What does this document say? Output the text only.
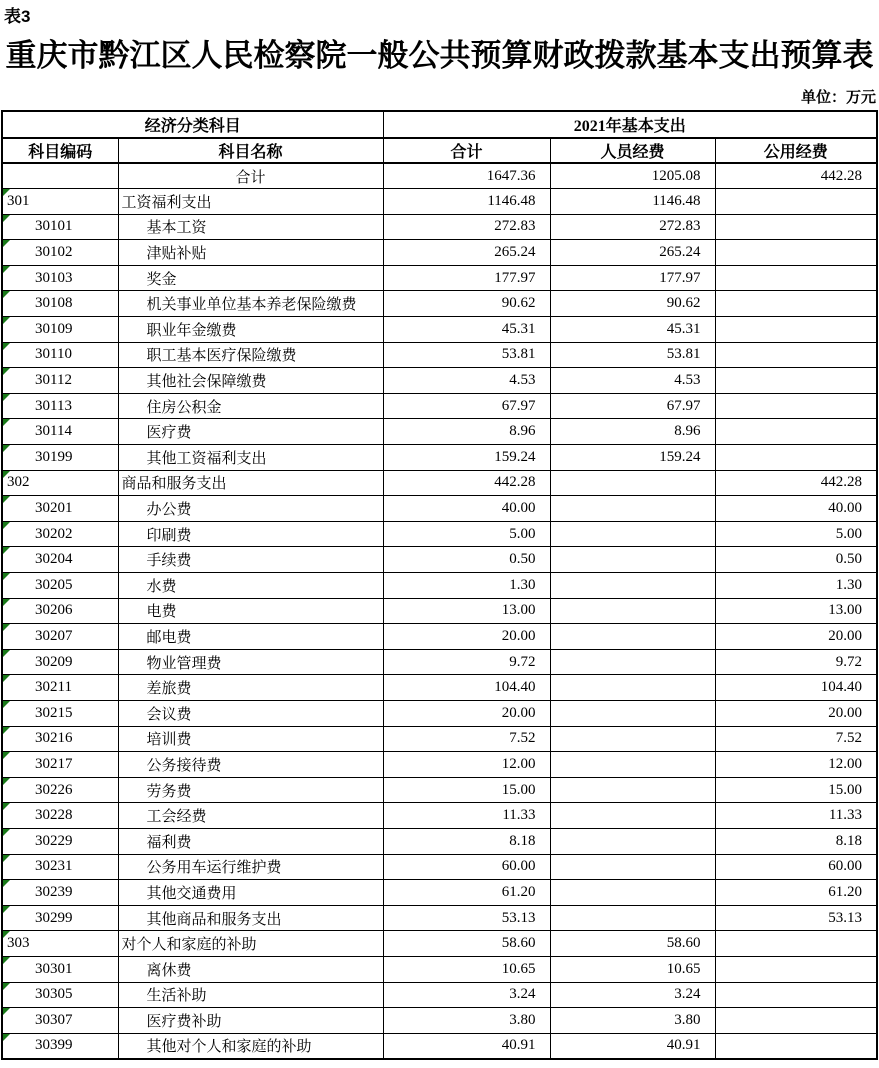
表3
重庆市黔江区人民检察院一般公共预算财政拨款基本支出预算表
单位：万元
经济分类科目		2021年基本支出		
科目编码	科目名称	合计	人员经费	公用经费
	合计	1647.36	1205.08	442.28
301	工资福利支出	1146.48	1146.48	
30101	基本工资	272.83	272.83	
30102	津贴补贴	265.24	265.24	
30103	奖金	177.97	177.97	
30108	机关事业单位基本养老保险缴费	90.62	90.62	
30109	职业年金缴费	45.31	45.31	
30110	职工基本医疗保险缴费	53.81	53.81	
30112	其他社会保障缴费	4.53	4.53	
30113	住房公积金	67.97	67.97	
30114	医疗费	8.96	8.96	
30199	其他工资福利支出	159.24	159.24	
302	商品和服务支出	442.28		442.28
30201	办公费	40.00		40.00
30202	印刷费	5.00		5.00
30204	手续费	0.50		0.50
30205	水费	1.30		1.30
30206	电费	13.00		13.00
30207	邮电费	20.00		20.00
30209	物业管理费	9.72		9.72
30211	差旅费	104.40		104.40
30215	会议费	20.00		20.00
30216	培训费	7.52		7.52
30217	公务接待费	12.00		12.00
30226	劳务费	15.00		15.00
30228	工会经费	11.33		11.33
30229	福利费	8.18		8.18
30231	公务用车运行维护费	60.00		60.00
30239	其他交通费用	61.20		61.20
30299	其他商品和服务支出	53.13		53.13
303	对个人和家庭的补助	58.60	58.60	
30301	离休费	10.65	10.65	
30305	生活补助	3.24	3.24	
30307	医疗费补助	3.80	3.80	
30399	其他对个人和家庭的补助	40.91	40.91	
